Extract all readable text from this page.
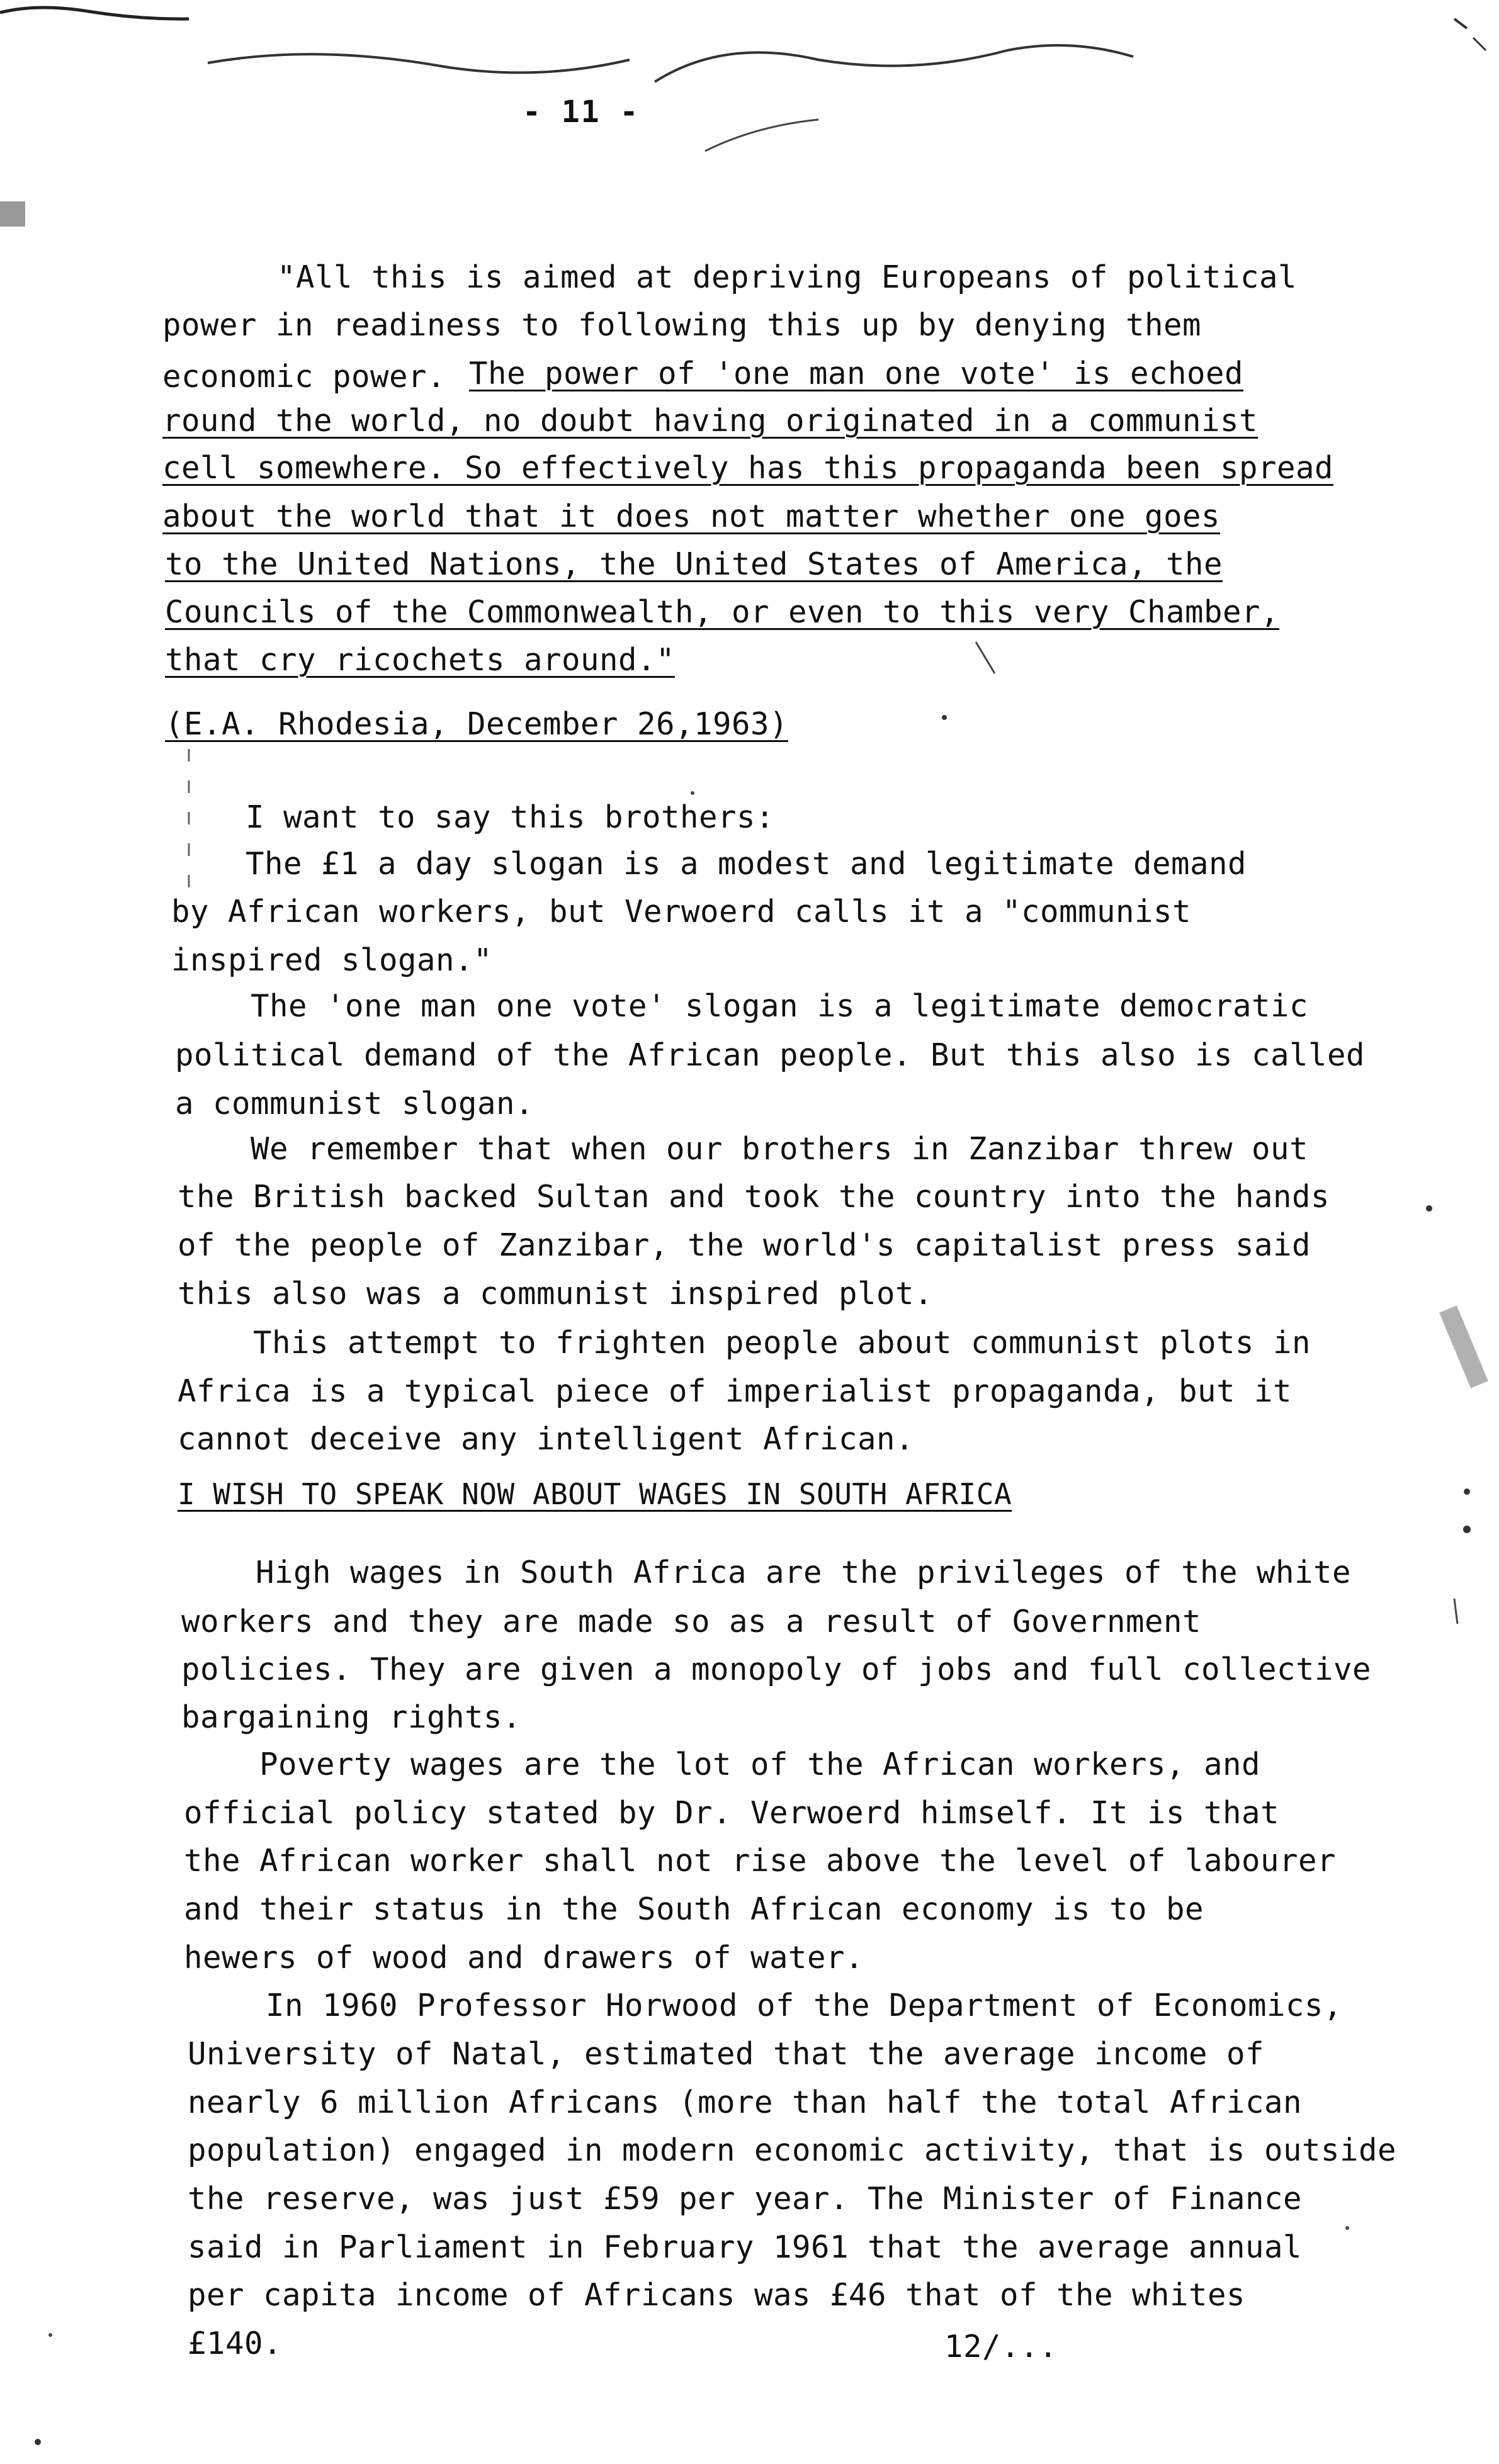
- 11 -
"All this is aimed at depriving Europeans of political
power in readiness to following this up by denying them
economic power. The power of 'one man one vote' is echoed
round the world, no doubt having originated in a communist
cell somewhere. So effectively has this propaganda been spread
about the world that it does not matter whether one goes
to the United Nations, the United States of America, the
Councils of the Commonwealth, or even to this very Chamber,
that cry ricochets around."
(E.A. Rhodesia, December 26,1963)
I want to say this brothers:
The £1 a day slogan is a modest and legitimate demand
by African workers, but Verwoerd calls it a "communist
inspired slogan."
The 'one man one vote' slogan is a legitimate democratic
political demand of the African people. But this also is called
a communist slogan.
We remember that when our brothers in Zanzibar threw out
the British backed Sultan and took the country into the hands
of the people of Zanzibar, the world's capitalist press said
this also was a communist inspired plot.
This attempt to frighten people about communist plots in
Africa is a typical piece of imperialist propaganda, but it
cannot deceive any intelligent African.
I WISH TO SPEAK NOW ABOUT WAGES IN SOUTH AFRICA
High wages in South Africa are the privileges of the white
workers and they are made so as a result of Government
policies. They are given a monopoly of jobs and full collective
bargaining rights.
Poverty wages are the lot of the African workers, and
official policy stated by Dr. Verwoerd himself. It is that
the African worker shall not rise above the level of labourer
and their status in the South African economy is to be
hewers of wood and drawers of water.
In 1960 Professor Horwood of the Department of Economics,
University of Natal, estimated that the average income of
nearly 6 million Africans (more than half the total African
population) engaged in modern economic activity, that is outside
the reserve, was just £59 per year. The Minister of Finance
said in Parliament in February 1961 that the average annual
per capita income of Africans was £46 that of the whites
£140.	12/...
